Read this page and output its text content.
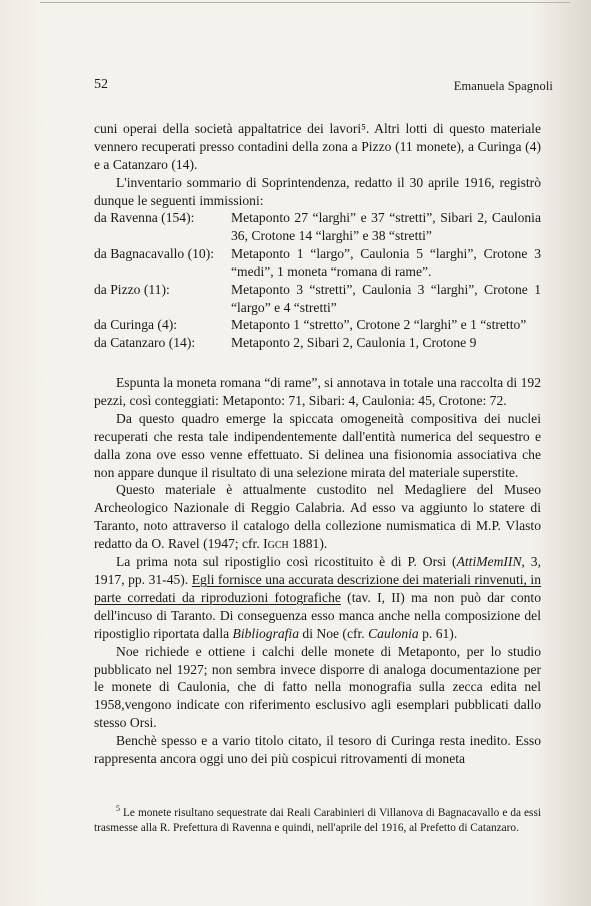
52	Emanuela Spagnoli

cuni operai della società appaltatrice dei lavori⁵. Altri lotti di questo materiale vennero recuperati presso contadini della zona a Pizzo (11 monete), a Curinga (4) e a Catanzaro (14).

L'inventario sommario di Soprintendenza, redatto il 30 aprile 1916, registrò dunque le seguenti immissioni:

da Ravenna (154):	Metaponto 27 “larghi” e 37 “stretti”, Sibari 2, Caulonia 36, Crotone 14 “larghi” e 38 “stretti”
da Bagnacavallo (10):	Metaponto 1 “largo”, Caulonia 5 “larghi”, Crotone 3 “medi”, 1 moneta “romana di rame”.
da Pizzo (11):	Metaponto 3 “stretti”, Caulonia 3 “larghi”, Crotone 1 “largo” e 4 “stretti”
da Curinga (4):	Metaponto 1 “stretto”, Crotone 2 “larghi” e 1 “stretto”
da Catanzaro (14):	Metaponto 2, Sibari 2, Caulonia 1, Crotone 9

Espunta la moneta romana “di rame”, si annotava in totale una raccolta di 192 pezzi, così conteggiati: Metaponto: 71, Sibari: 4, Caulonia: 45, Crotone: 72.

Da questo quadro emerge la spiccata omogeneità compositiva dei nuclei recuperati che resta tale indipendentemente dall'entità numerica del sequestro e dalla zona ove esso venne effettuato. Si delinea una fisionomia associativa che non appare dunque il risultato di una selezione mirata del materiale superstite.

Questo materiale è attualmente custodito nel Medagliere del Museo Archeologico Nazionale di Reggio Calabria. Ad esso va aggiunto lo statere di Taranto, noto attraverso il catalogo della collezione numismatica di M.P. Vlasto redatto da O. Ravel (1947; cfr. Igch 1881).

La prima nota sul ripostiglio così ricostituito è di P. Orsi (AttiMemIIN, 3, 1917, pp. 31-45). Egli fornisce una accurata descrizione dei materiali rinvenuti, in parte corredati da riproduzioni fotografiche (tav. I, II) ma non può dar conto dell'incuso di Taranto. Di conseguenza esso manca anche nella composizione del ripostiglio riportata dalla Bibliografia di Noe (cfr. Caulonia p. 61).

Noe richiede e ottiene i calchi delle monete di Metaponto, per lo studio pubblicato nel 1927; non sembra invece disporre di analoga documentazione per le monete di Caulonia, che di fatto nella monografia sulla zecca edita nel 1958,vengono indicate con riferimento esclusivo agli esemplari pubblicati dallo stesso Orsi.

Benchè spesso e a vario titolo citato, il tesoro di Curinga resta inedito. Esso rappresenta ancora oggi uno dei più cospicui ritrovamenti di moneta

$^5$ Le monete risultano sequestrate dai Reali Carabinieri di Villanova di Bagnacavallo e da essi trasmesse alla R. Prefettura di Ravenna e quindi, nell'aprile del 1916, al Prefetto di Catanzaro.
